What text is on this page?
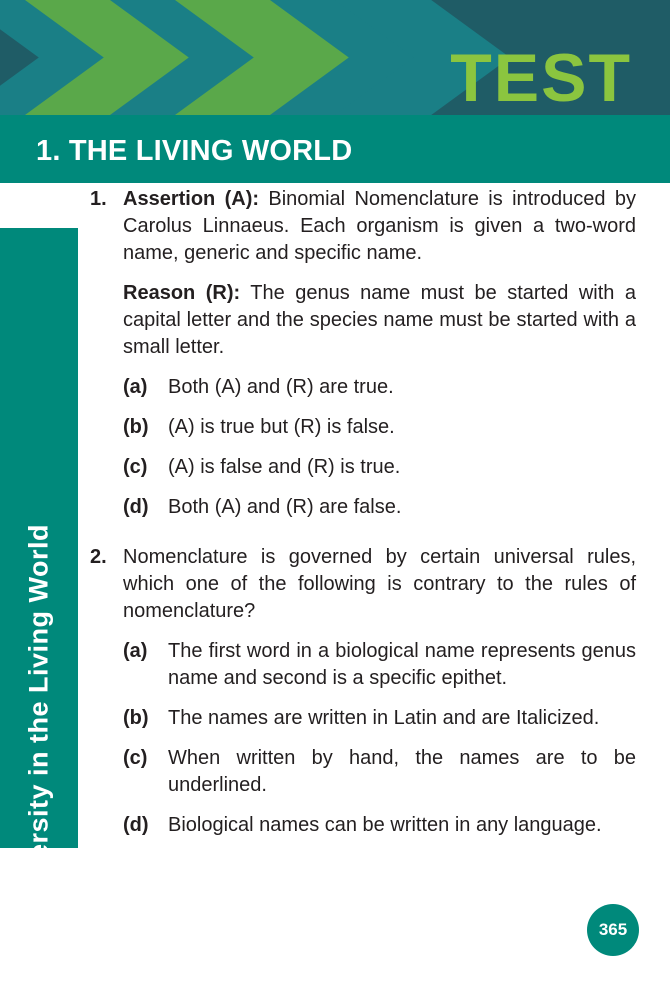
TEST
1. THE LIVING WORLD
Unit - I: Diversity in the Living World
1. Assertion (A): Binomial Nomenclature is introduced by Carolus Linnaeus. Each organism is given a two-word name, generic and specific name.

Reason (R): The genus name must be started with a capital letter and the species name must be started with a small letter.

(a)	Both (A) and (R) are true.
(b) (A) is true but (R) is false.
(c)	(A) is false and (R) is true.
(d) Both (A) and (R) are false.
2. Nomenclature is governed by certain universal rules, which one of the following is contrary to the rules of nomenclature?

(a)	The first word in a biological name represents genus name and second is a specific epithet.
(b) The names are written in Latin and are Italicized.
(c)	When written by hand, the names are to be underlined.
(d) Biological names can be written in any language.
365
